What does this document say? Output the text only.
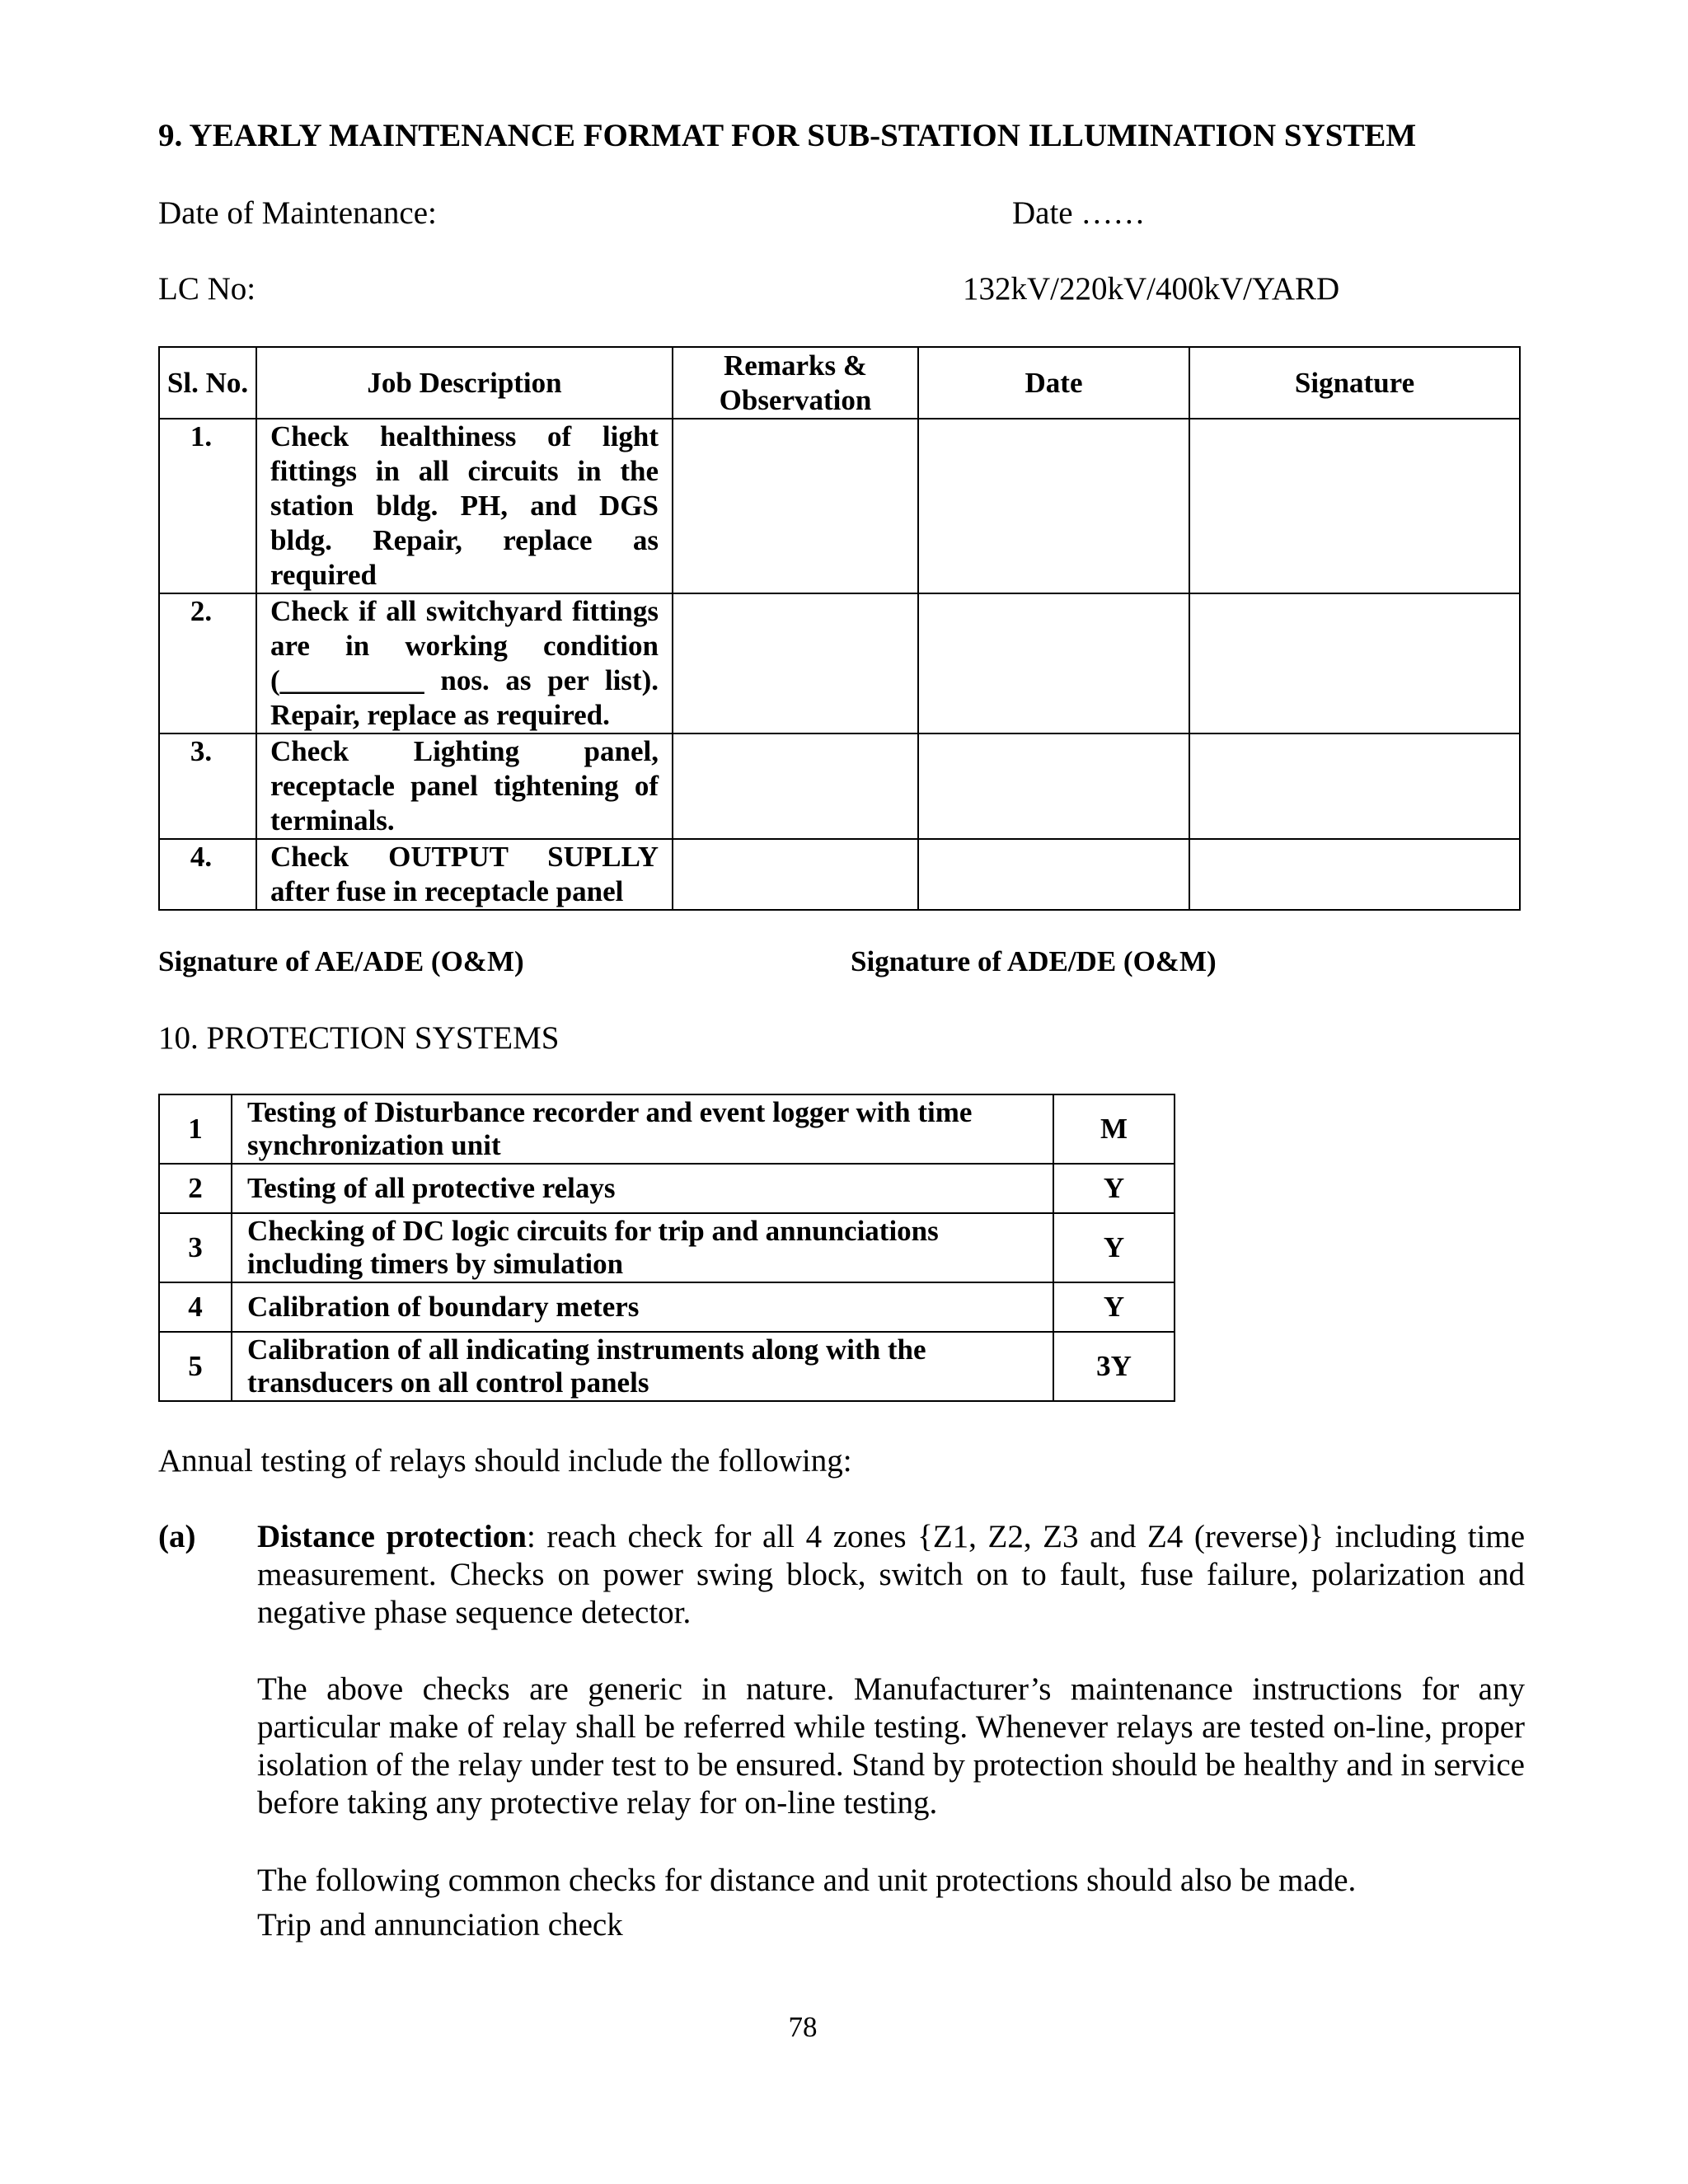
9. YEARLY MAINTENANCE FORMAT FOR SUB-STATION ILLUMINATION SYSTEM
Date of Maintenance:	Date ……
LC No:	132kV/220kV/400kV/YARD
Sl. No.	Job Description	Remarks & Observation	Date	Signature
1.	Check healthiness of light fittings in all circuits in the station bldg. PH, and DGS bldg. Repair, replace as required			
2.	Check if all switchyard fittings are in working condition (__________ nos. as per list). Repair, replace as required.			
3.	Check Lighting panel, receptacle panel tightening of terminals.			
4.	Check OUTPUT SUPLLY after fuse in receptacle panel			
Signature of AE/ADE (O&M)	Signature of ADE/DE (O&M)
10. PROTECTION SYSTEMS
1	Testing of Disturbance recorder and event logger with time synchronization unit	M
2	Testing of all protective relays	Y
3	Checking of DC logic circuits for trip and annunciations including timers by simulation	Y
4	Calibration of boundary meters	Y
5	Calibration of all indicating instruments along with the transducers on all control panels	3Y
Annual testing of relays should include the following:
(a) Distance protection: reach check for all 4 zones {Z1, Z2, Z3 and Z4 (reverse)} including time measurement. Checks on power swing block, switch on to fault, fuse failure, polarization and negative phase sequence detector.
The above checks are generic in nature. Manufacturer’s maintenance instructions for any particular make of relay shall be referred while testing. Whenever relays are tested on-line, proper isolation of the relay under test to be ensured. Stand by protection should be healthy and in service before taking any protective relay for on-line testing.
The following common checks for distance and unit protections should also be made.
Trip and annunciation check
78
